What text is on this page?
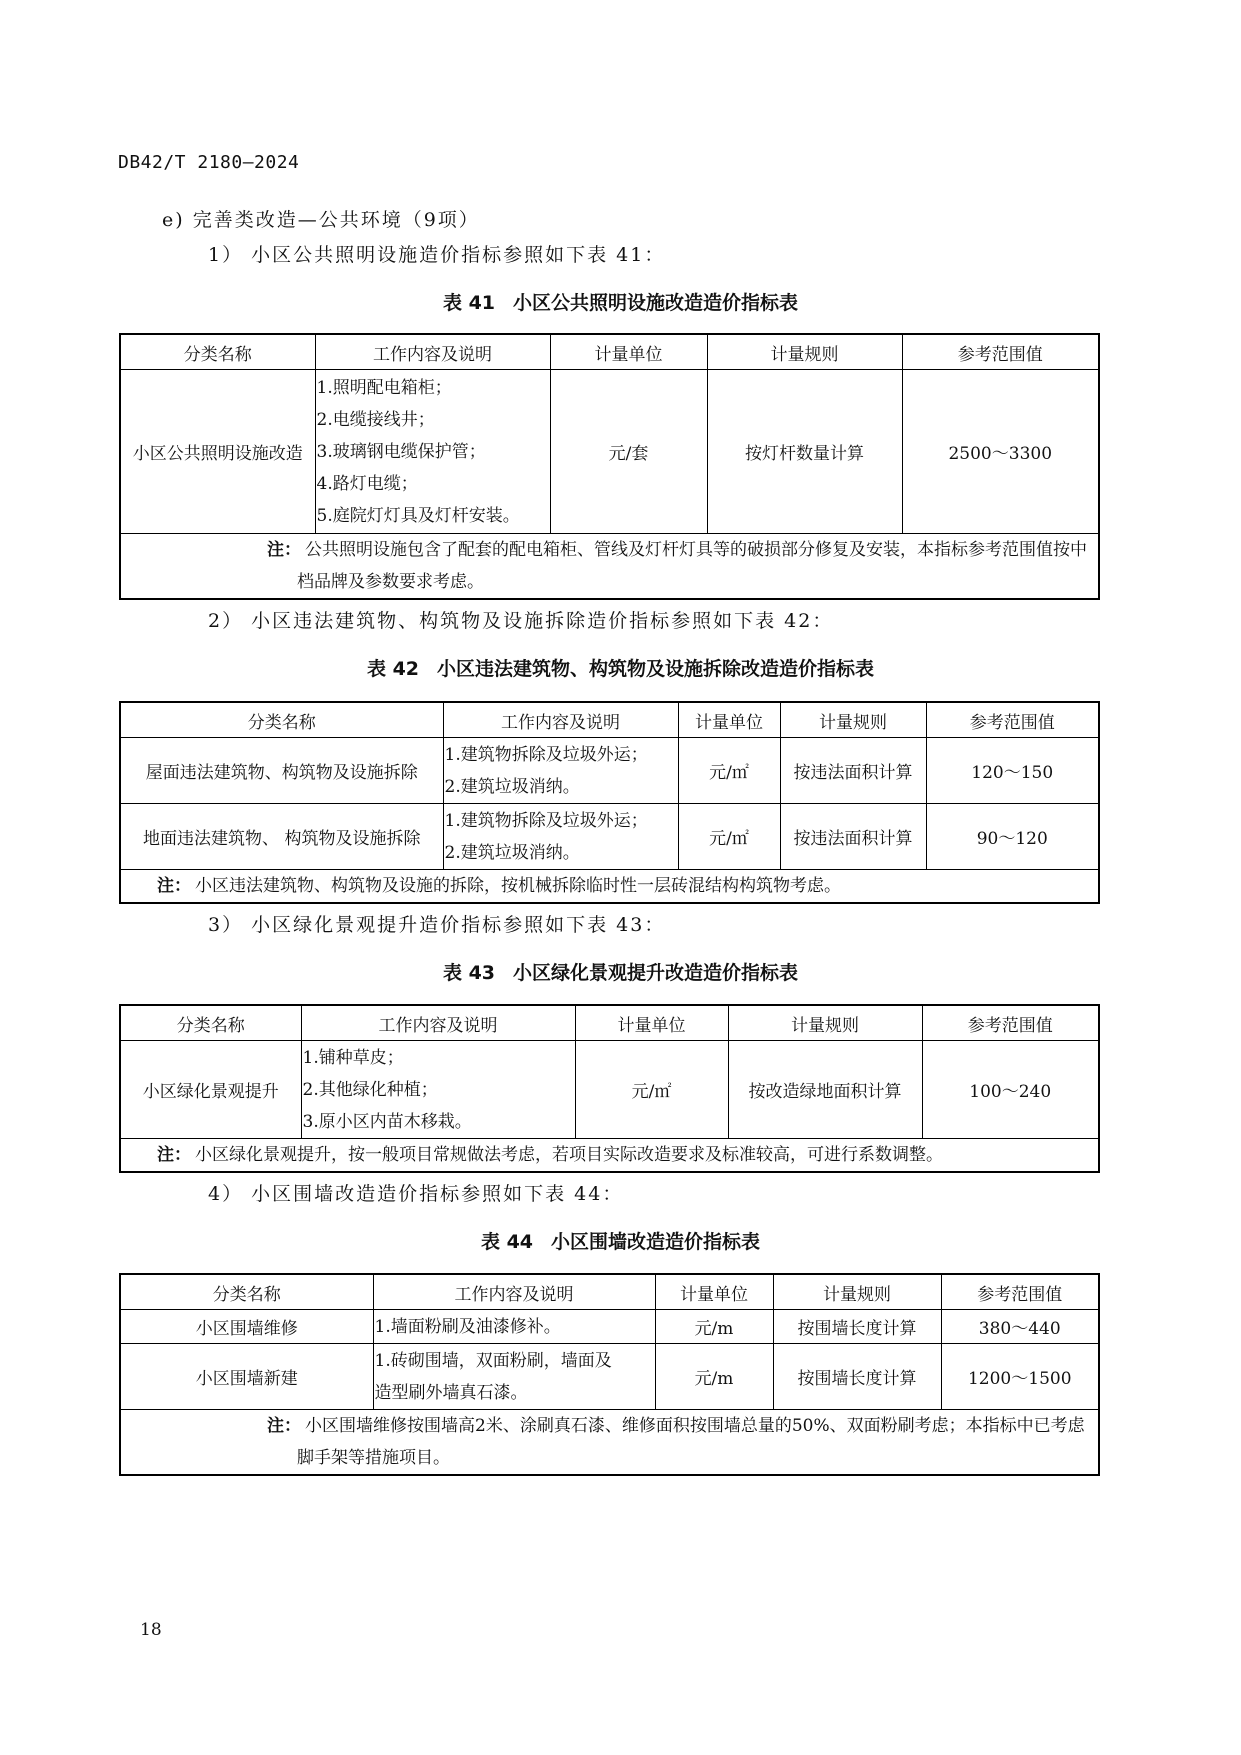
DB42/T 2180—2024
e) 完善类改造—公共环境（9项）
1） 小区公共照明设施造价指标参照如下表 41：
表 41 小区公共照明设施改造造价指标表
分类名称	工作内容及说明	计量单位	计量规则	参考范围值
小区公共照明设施改造	1.照明配电箱柜；
2.电缆接线井；
3.玻璃钢电缆保护管；
4.路灯电缆；
5.庭院灯灯具及灯杆安装。	元/套	按灯杆数量计算	2500～3300
注： 公共照明设施包含了配套的配电箱柜、管线及灯杆灯具等的破损部分修复及安装，本指标参考范围值按中档品牌及参数要求考虑。				
2） 小区违法建筑物、构筑物及设施拆除造价指标参照如下表 42：
表 42 小区违法建筑物、构筑物及设施拆除改造造价指标表
分类名称	工作内容及说明	计量单位	计量规则	参考范围值
屋面违法建筑物、构筑物及设施拆除	1.建筑物拆除及垃圾外运；
2.建筑垃圾消纳。	元/㎡	按违法面积计算	120～150
地面违法建筑物、 构筑物及设施拆除	1.建筑物拆除及垃圾外运；
2.建筑垃圾消纳。	元/㎡	按违法面积计算	90～120
注： 小区违法建筑物、构筑物及设施的拆除，按机械拆除临时性一层砖混结构构筑物考虑。				
3） 小区绿化景观提升造价指标参照如下表 43：
表 43 小区绿化景观提升改造造价指标表
分类名称	工作内容及说明	计量单位	计量规则	参考范围值
小区绿化景观提升	1.铺种草皮；
2.其他绿化种植；
3.原小区内苗木移栽。	元/㎡	按改造绿地面积计算	100～240
注： 小区绿化景观提升，按一般项目常规做法考虑，若项目实际改造要求及标准较高，可进行系数调整。				
4） 小区围墙改造造价指标参照如下表 44：
表 44 小区围墙改造造价指标表
分类名称	工作内容及说明	计量单位	计量规则	参考范围值
小区围墙维修	1.墙面粉刷及油漆修补。	元/m	按围墙长度计算	380～440
小区围墙新建	1.砖砌围墙，双面粉刷，墙面及
造型刷外墙真石漆。	元/m	按围墙长度计算	1200～1500
注： 小区围墙维修按围墙高2米、涂刷真石漆、维修面积按围墙总量的50%、双面粉刷考虑；本指标中已考虑脚手架等措施项目。				
18
